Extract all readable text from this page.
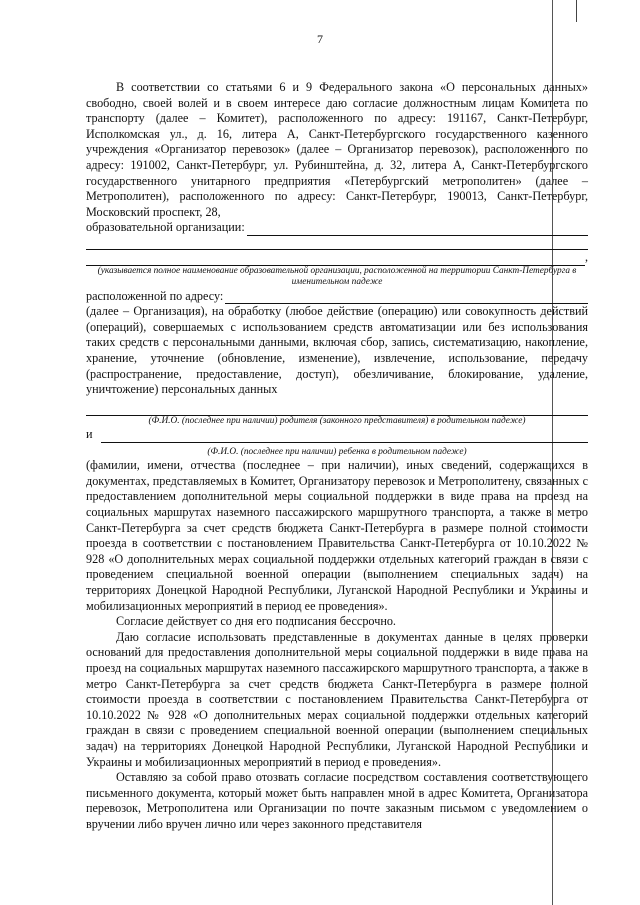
7

В соответствии со статьями 6 и 9 Федерального закона «О персональных данных» свободно, своей волей и в своем интересе даю согласие должностным лицам Комитета по транспорту (далее – Комитет), расположенного по адресу: 191167, Санкт-Петербург, Исполкомская ул., д. 16, литера А, Санкт-Петербургского государственного казенного учреждения «Организатор перевозок» (далее – Организатор перевозок), расположенного по адресу: 191002, Санкт-Петербург, ул. Рубинштейна, д. 32, литера А, Санкт-Петербургского государственного унитарного предприятия «Петербургский метрополитен» (далее – Метрополитен), расположенного по адресу: Санкт-Петербург, 190013, Санкт-Петербург, Московский проспект, 28,

образовательной организации:
,
(указывается полное наименование образовательной организации, расположенной на территории Санкт-Петербурга в именительном падеже
расположенной по адресу:

(далее – Организация), на обработку (любое действие (операцию) или совокупность действий (операций), совершаемых с использованием средств автоматизации или без использования таких средств с персональными данными, включая сбор, запись, систематизацию, накопление, хранение, уточнение (обновление, изменение), извлечение, использование, передачу (распространение, предоставление, доступ), обезличивание, блокирование, удаление, уничтожение) персональных данных

(Ф.И.О. (последнее при наличии) родителя (законного представителя) в родительном падеже)
и
(Ф.И.О. (последнее при наличии) ребенка в родительном падеже)

(фамилии, имени, отчества (последнее – при наличии), иных сведений, содержащихся в документах, представляемых в Комитет, Организатору перевозок и Метрополитену, связанных с предоставлением дополнительной меры социальной поддержки в виде права на проезд на социальных маршрутах наземного пассажирского маршрутного транспорта, а также в метро Санкт-Петербурга за счет средств бюджета Санкт-Петербурга в размере полной стоимости проезда в соответствии с постановлением Правительства Санкт-Петербурга от 10.10.2022 № 928 «О дополнительных мерах социальной поддержки отдельных категорий граждан в связи с проведением специальной военной операции (выполнением специальных задач) на территориях Донецкой Народной Республики, Луганской Народной Республики и Украины и мобилизационных мероприятий в период ее проведения».

Согласие действует со дня его подписания бессрочно.

Даю согласие использовать представленные в документах данные в целях проверки оснований для предоставления дополнительной меры социальной поддержки в виде права на проезд на социальных маршрутах наземного пассажирского маршрутного транспорта, а также в метро Санкт-Петербурга за счет средств бюджета Санкт-Петербурга в размере полной стоимости проезда в соответствии с постановлением Правительства Санкт-Петербурга от 10.10.2022 № 928 «О дополнительных мерах социальной поддержки отдельных категорий граждан в связи с проведением специальной военной операции (выполнением специальных задач) на территориях Донецкой Народной Республики, Луганской Народной Республики и Украины и мобилизационных мероприятий в период е проведения».

Оставляю за собой право отозвать согласие посредством составления соответствующего письменного документа, который может быть направлен мной в адрес Комитета, Организатора перевозок, Метрополитена или Организации по почте заказным письмом с уведомлением о вручении либо вручен лично или через законного представителя
